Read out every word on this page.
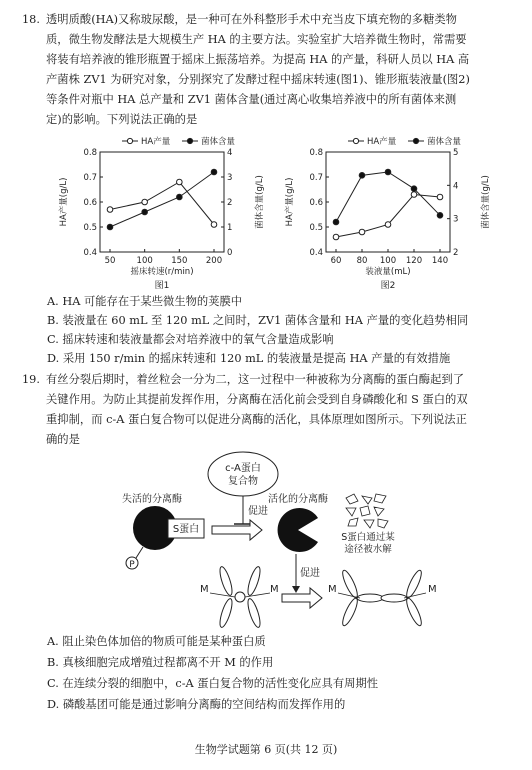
18. 透明质酸(HA)又称玻尿酸，是一种可在外科整形手术中充当皮下填充物的多糖类物
质，微生物发酵法是大规模生产 HA 的主要方法。实验室扩大培养微生物时，常需要
将装有培养液的锥形瓶置于摇床上振荡培养。为提高 HA 的产量，科研人员以 HA 高
产菌株 ZV1 为研究对象，分别探究了发酵过程中摇床转速(图1)、锥形瓶装液量(图2)
等条件对瓶中 HA 总产量和 ZV1 菌体含量(通过离心收集培养液中的所有菌体来测
定)的影响。下列说法正确的是
0.4
0.5
0.6
0.7
0.8
0
1
2
3
4
50 100 150 200
摇床转速(r/min)
HA产量(g/L)	菌体含量(g/L)
图1
HA产量	菌体含量
0.4
0.5
0.6
0.7
0.8
2
3
4
5
60 80 100 120 140
装液量(mL)
HA产量(g/L)	菌体含量(g/L)
图2
HA产量	菌体含量
A. HA 可能存在于某些微生物的荚膜中
B. 装液量在 60 mL 至 120 mL 之间时，ZV1 菌体含量和 HA 产量的变化趋势相同
C. 摇床转速和装液量都会对培养液中的氧气含量造成影响
D. 采用 150 r/min 的摇床转速和 120 mL 的装液量是提高 HA 产量的有效措施
19. 有丝分裂后期时，着丝粒会一分为二，这一过程中一种被称为分离酶的蛋白酶起到了
关键作用。为防止其提前发挥作用，分离酶在活化前会受到自身磷酸化和 S 蛋白的双
重抑制，而 c-A 蛋白复合物可以促进分离酶的活化，具体原理如图所示。下列说法正
确的是
c-A蛋白
复合物
促进
失活的分离酶	活化的分离酶
S蛋白
P
S蛋白通过某
途径被水解
促进
M	M	M	M
A. 阻止染色体加倍的物质可能是某种蛋白质
B. 真核细胞完成增殖过程都离不开 M 的作用
C. 在连续分裂的细胞中，c-A 蛋白复合物的活性变化应具有周期性
D. 磷酸基团可能是通过影响分离酶的空间结构而发挥作用的
生物学试题第 6 页(共 12 页)
